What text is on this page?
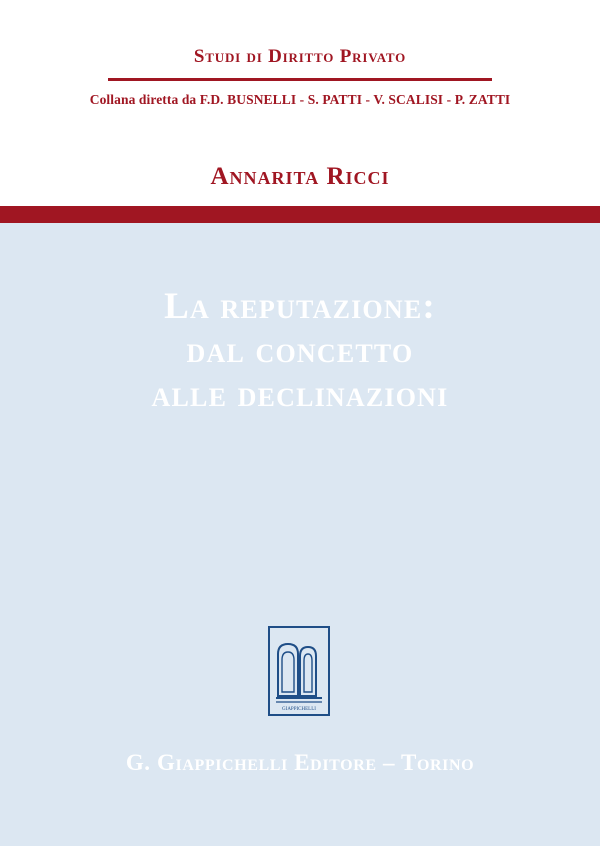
Studi di Diritto Privato
Collana diretta da F.D. BUSNELLI - S. PATTI - V. SCALISI - P. ZATTI
Annarita Ricci
La reputazione:
dal concetto
alle declinazioni
GIAPPICHELLI
G. Giappichelli Editore – Torino
